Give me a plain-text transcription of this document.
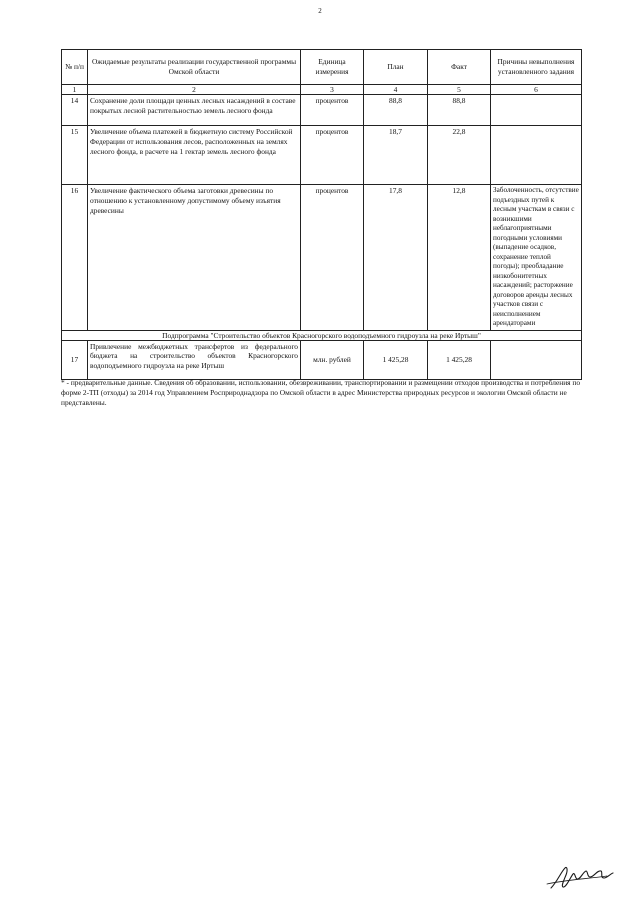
2
№ п/п	Ожидаемые результаты реализации государственной программы Омской области	Единица измерения	План	Факт	Причины невыполнения установленного задания
1	2	3	4	5	6
14	Сохранение доли площади ценных лесных насаждений в составе покрытых лесной растительностью земель лесного фонда	процентов	88,8	88,8	
15	Увеличение объема платежей в бюджетную систему Российской Федерации от использования лесов, расположенных на землях лесного фонда, в расчете на 1 гектар земель лесного фонда	процентов	18,7	22,8	
16	Увеличение фактического объема заготовки древесины по отношению к установленному допустимому объему изъятия древесины	процентов	17,8	12,8	Заболоченность, отсутствие подъездных путей к лесным участкам в связи с возникшими неблагоприятными погодными условиями (выпадение осадков, сохранение теплой погоды); преобладание низкобонитетных насаждений; расторжение договоров аренды лесных участков связи с неисполнением арендаторами
Подпрограмма "Строительство объектов Красногорского водоподъемного гидроузла на реке Иртыш"					
17	Привлечение межбюджетных трансфертов из федерального бюджета на строительство объектов Красногорского водоподъемного гидроузла на реке Иртыш	млн. рублей	1 425,28	1 425,28	
* - предварительные данные. Сведения об образовании, использовании, обезвреживании, транспортировании и размещении отходов производства и потребления по форме 2-ТП (отходы) за 2014 год Управлением Росприроднадзора по Омской области в адрес Министерства природных ресурсов и экологии Омской области не представлены.
